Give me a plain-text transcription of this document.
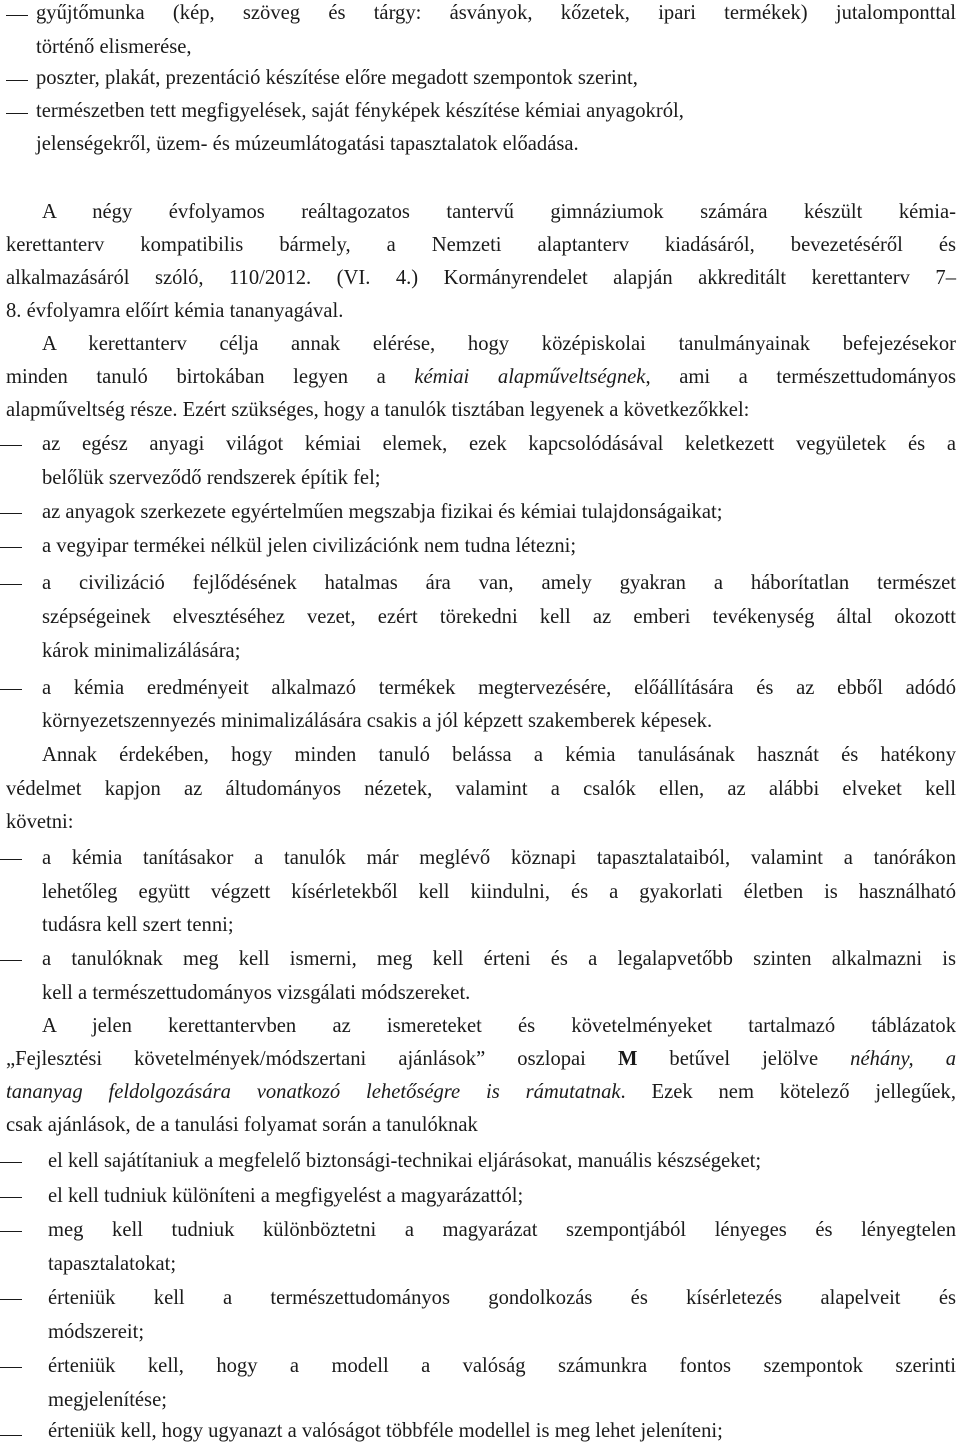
gyűjtőmunka (kép, szöveg és tárgy: ásványok, kőzetek, ipari termékek) jutalomponttal
történő elismerése,
poszter, plakát, prezentáció készítése előre megadott szempontok szerint,
természetben tett megfigyelések, saját fényképek készítése kémiai anyagokról,
jelenségekről, üzem- és múzeumlátogatási tapasztalatok előadása.
A négy évfolyamos reáltagozatos tantervű gimnáziumok számára készült kémia-
kerettanterv kompatibilis bármely, a Nemzeti alaptanterv kiadásáról, bevezetéséről és
alkalmazásáról szóló, 110/2012. (VI. 4.) Kormányrendelet alapján akkreditált kerettanterv 7–
8. évfolyamra előírt kémia tananyagával.
A kerettanterv célja annak elérése, hogy középiskolai tanulmányainak befejezésekor
minden tanuló birtokában legyen a kémiai alapműveltségnek, ami a természettudományos
alapműveltség része. Ezért szükséges, hogy a tanulók tisztában legyenek a következőkkel:
az egész anyagi világot kémiai elemek, ezek kapcsolódásával keletkezett vegyületek és a
belőlük szerveződő rendszerek építik fel;
az anyagok szerkezete egyértelműen megszabja fizikai és kémiai tulajdonságaikat;
a vegyipar termékei nélkül jelen civilizációnk nem tudna létezni;
a civilizáció fejlődésének hatalmas ára van, amely gyakran a háborítatlan természet
szépségeinek elvesztéséhez vezet, ezért törekedni kell az emberi tevékenység által okozott
károk minimalizálására;
a kémia eredményeit alkalmazó termékek megtervezésére, előállítására és az ebből adódó
környezetszennyezés minimalizálására csakis a jól képzett szakemberek képesek.
Annak érdekében, hogy minden tanuló belássa a kémia tanulásának hasznát és hatékony
védelmet kapjon az áltudományos nézetek, valamint a csalók ellen, az alábbi elveket kell
követni:
a kémia tanításakor a tanulók már meglévő köznapi tapasztalataiból, valamint a tanórákon
lehetőleg együtt végzett kísérletekből kell kiindulni, és a gyakorlati életben is használható
tudásra kell szert tenni;
a tanulóknak meg kell ismerni, meg kell érteni és a legalapvetőbb szinten alkalmazni is
kell a természettudományos vizsgálati módszereket.
A jelen kerettantervben az ismereteket és követelményeket tartalmazó táblázatok
„Fejlesztési követelmények/módszertani ajánlások” oszlopai M betűvel jelölve néhány, a
tananyag feldolgozására vonatkozó lehetőségre is rámutatnak. Ezek nem kötelező jellegűek,
csak ajánlások, de a tanulási folyamat során a tanulóknak
el kell sajátítaniuk a megfelelő biztonsági-technikai eljárásokat, manuális készségeket;
el kell tudniuk különíteni a megfigyelést a magyarázattól;
meg kell tudniuk különböztetni a magyarázat szempontjából lényeges és lényegtelen
tapasztalatokat;
érteniük kell a természettudományos gondolkozás és kísérletezés alapelveit és
módszereit;
érteniük kell, hogy a modell a valóság számunkra fontos szempontok szerinti
megjelenítése;
érteniük kell, hogy ugyanazt a valóságot többféle modellel is meg lehet jeleníteni;
